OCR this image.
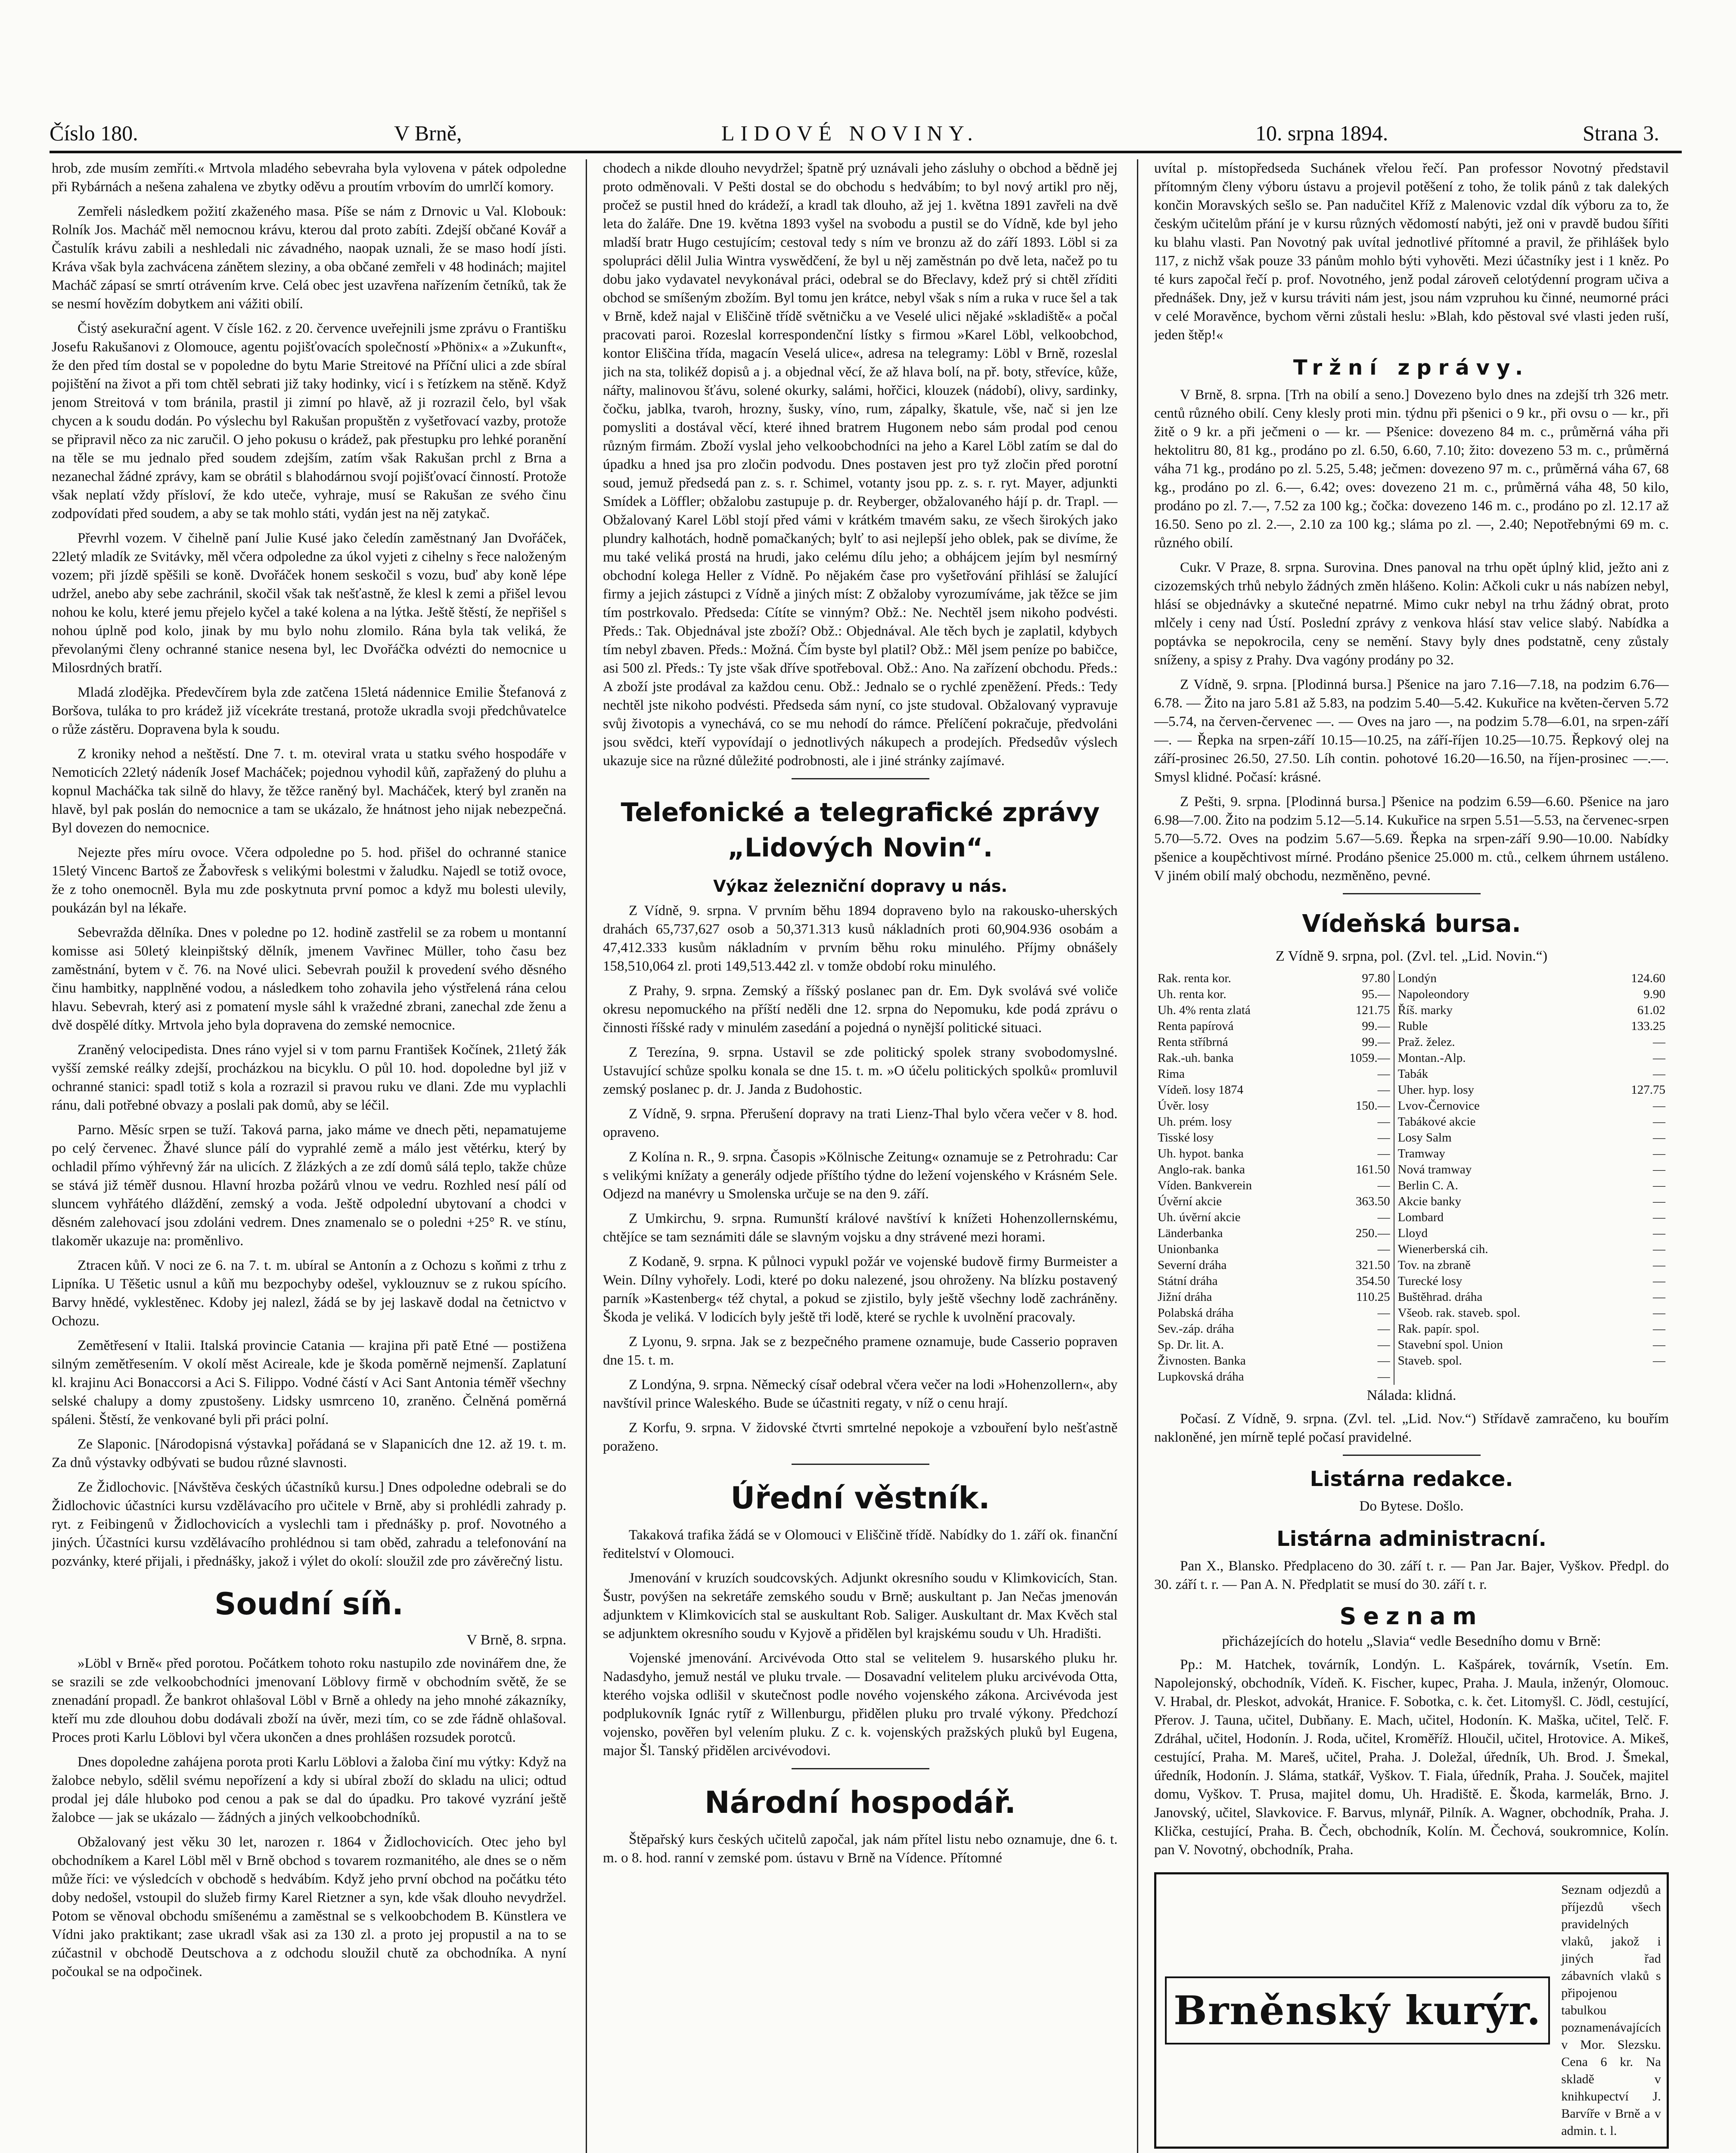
Číslo 180.	V Brně,	LIDOVÉ NOVINY.	10. srpna 1894.	Strana 3.

hrob, zde musím zemříti.« Mrtvola mladého sebevraha byla vylovena v pátek odpoledne při Rybárnách a nešena zahalena ve zbytky oděvu a proutím vrbovím do umrlčí komory.

Zemřeli následkem požití zkaženého masa. Píše se nám z Drnovic u Val. Klobouk: Rolník Jos. Macháč měl nemocnou krávu, kterou dal proto zabíti. Zdejší občané Kovář a Častulík krávu zabili a neshledali nic závadného, naopak uznali, že se maso hodí jísti. Kráva však byla zachvácena zánětem sleziny, a oba občané zemřeli v 48 hodinách; majitel Macháč zápasí se smrtí otrávením krve. Celá obec jest uzavřena nařízením četníků, tak že se nesmí hovězím dobytkem ani vážiti obilí.

Čistý asekurační agent. V čísle 162. z 20. července uveřejnili jsme zprávu o Františku Josefu Rakušanovi z Olomouce, agentu pojišťovacích společností »Phönix« a »Zukunft«, že den před tím dostal se v popoledne do bytu Marie Streitové na Příční ulici a zde sbíral pojištění na život a při tom chtěl sebrati již taky hodinky, vicí i s řetízkem na stěně. Když jenom Streitová v tom bránila, prastil ji zimní po hlavě, až ji rozrazil čelo, byl však chycen a k soudu dodán. Po výslechu byl Rakušan propuštěn z vyšetřovací vazby, protože se připravil něco za nic zaručil. O jeho pokusu o krádež, pak přestupku pro lehké poranění na těle se mu jednalo před soudem zdejším, zatím však Rakušan prchl z Brna a nezanechal žádné zprávy, kam se obrátil s blahodárnou svojí pojišťovací činností. Protože však neplatí vždy přísloví, že kdo uteče, vyhraje, musí se Rakušan ze svého činu zodpovídati před soudem, a aby se tak mohlo státi, vydán jest na něj zatykač.

Převrhl vozem. V čihelně paní Julie Kusé jako čeledín zaměstnaný Jan Dvořáček, 22letý mladík ze Svitávky, měl včera odpoledne za úkol vyjeti z cihelny s řece naloženým vozem; při jízdě spěšili se koně. Dvořáček honem seskočil s vozu, buď aby koně lépe udržel, anebo aby sebe zachránil, skočil však tak nešťastně, že klesl k zemi a přišel levou nohou ke kolu, které jemu přejelo kyčel a také kolena a na lýtka. Ještě štěstí, že nepřišel s nohou úplně pod kolo, jinak by mu bylo nohu zlomilo. Rána byla tak veliká, že převolanými členy ochranné stanice nesena byl, lec Dvořáčka odvézti do nemocnice u Milosrdných bratří.

Mladá zlodějka. Předevčírem byla zde zatčena 15letá nádennice Emilie Štefanová z Boršova, tuláka to pro krádež již vícekráte trestaná, protože ukradla svoji předchůvatelce o růže zástěru. Dopravena byla k soudu.

Z kroniky nehod a neštěstí. Dne 7. t. m. oteviral vrata u statku svého hospodáře v Nemoticích 22letý nádeník Josef Macháček; pojednou vyhodil kůň, zapřažený do pluhu a kopnul Macháčka tak silně do hlavy, že těžce raněný byl. Macháček, který byl zraněn na hlavě, byl pak poslán do nemocnice a tam se ukázalo, že hnátnost jeho nijak nebezpečná. Byl dovezen do nemocnice.

Nejezte přes míru ovoce. Včera odpoledne po 5. hod. přišel do ochranné stanice 15letý Vincenc Bartoš ze Žabovřesk s velikými bolestmi v žaludku. Najedl se totiž ovoce, že z toho onemocněl. Byla mu zde poskytnuta první pomoc a když mu bolesti ulevily, poukázán byl na lékaře.

Sebevražda dělníka. Dnes v poledne po 12. hodině zastřelil se za robem u montanní komisse asi 50letý kleinpištský dělník, jmenem Vavřinec Müller, toho času bez zaměstnání, bytem v č. 76. na Nové ulici. Sebevrah použil k provedení svého děsného činu hambitky, napplněné vodou, a následkem toho zohavila jeho výstřelená rána celou hlavu. Sebevrah, který asi z pomatení mysle sáhl k vražedné zbrani, zanechal zde ženu a dvě dospělé dítky. Mrtvola jeho byla dopravena do zemské nemocnice.

Zraněný velocipedista. Dnes ráno vyjel si v tom parnu František Kočínek, 21letý žák vyšší zemské reálky zdejší, procházkou na bicyklu. O půl 10. hod. dopoledne byl již v ochranné stanici: spadl totiž s kola a rozrazil si pravou ruku ve dlani. Zde mu vyplachli ránu, dali potřebné obvazy a poslali pak domů, aby se léčil.

Parno. Měsíc srpen se tuží. Taková parna, jako máme ve dnech pěti, nepamatujeme po celý červenec. Žhavé slunce pálí do vyprahlé země a málo jest větérku, který by ochladil přímo výhřevný žár na ulicích. Z žlázkých a ze zdí domů sálá teplo, takže chůze se stává již téměř dusnou. Hlavní hrozba požárů vlnou ve vedru. Rozhled nesí pálí od sluncem vyhřátého dláždění, zemský a voda. Ještě odpolední ubytovaní a chodci v děsném zalehovací jsou zdoláni vedrem. Dnes znamenalo se o poledni +25° R. ve stínu, tlakoměr ukazuje na: proměnlivo.

Ztracen kůň. V noci ze 6. na 7. t. m. ubíral se Antonín a z Ochozu s koňmi z trhu z Lipníka. U Těšetic usnul a kůň mu bezpochyby odešel, vyklouznuv se z rukou spícího. Barvy hnědé, vyklestěnec. Kdoby jej nalezl, žádá se by jej laskavě dodal na četnictvo v Ochozu.

Zemětřesení v Italii. Italská provincie Catania — krajina při patě Etné — postižena silným zemětřesením. V okolí měst Acireale, kde je škoda poměrně nejmenší. Zaplatuní kl. krajinu Aci Bonaccorsi a Aci S. Filippo. Vodné částí v Aci Sant Antonia téměř všechny selské chalupy a domy zpustošeny. Lidsky usmrceno 10, zraněno. Čelněná poměrná spáleni. Štěstí, že venkované byli při práci polní.

Ze Slaponic. [Národopisná výstavka] pořádaná se v Slapanicích dne 12. až 19. t. m. Za dnů výstavky odbývati se budou různé slavnosti.

Ze Židlochovic. [Návštěva českých účastníků kursu.] Dnes odpoledne odebrali se do Židlochovic účastníci kursu vzdělávacího pro učitele v Brně, aby si prohlédli zahrady p. ryt. z Feibingenů v Židlochovicích a vyslechli tam i přednášky p. prof. Novotného a jiných. Účastníci kursu vzdělávacího prohlédnou si tam oběd, zahradu a telefonování na pozvánky, které přijali, i přednášky, jakož i výlet do okolí: sloužil zde pro závěrečný listu.

Soudní síň.
V Brně, 8. srpna.

»Löbl v Brně« před porotou. Počátkem tohoto roku nastupilo zde novinářem dne, že se srazili se zde velkoobchodníci jmenovaní Löblovy firmě v obchodním světě, že se znenadání propadl. Že bankrot ohlašoval Löbl v Brně a ohledy na jeho mnohé zákazníky, kteří mu zde dlouhou dobu dodávali zboží na úvěr, mezi tím, co se zde řádně ohlašoval. Proces proti Karlu Löblovi byl včera ukončen a dnes prohlášen rozsudek porotců.

Dnes dopoledne zahájena porota proti Karlu Löblovi a žaloba činí mu výtky: Když na žalobce nebylo, sdělil svému nepořízení a kdy si ubíral zboží do skladu na ulici; odtud prodal jej dále hluboko pod cenou a pak se dal do úpadku. Pro takové vyzrání ještě žalobce — jak se ukázalo — žádných a jiných velkoobchodníků.

Obžalovaný jest věku 30 let, narozen r. 1864 v Židlochovicích. Otec jeho byl obchodníkem a Karel Löbl měl v Brně obchod s tovarem rozmanitého, ale dnes se o něm může říci: ve výsledcích v obchodě s hedvábím. Když jeho první obchod na počátku této doby nedošel, vstoupil do služeb firmy Karel Rietzner a syn, kde však dlouho nevydržel. Potom se věnoval obchodu smíšenému a zaměstnal se s velkoobchodem B. Künstlera ve Vídni jako praktikant; zase ukradl však asi za 130 zl. a proto jej propustil a na to se zúčastnil v obchodě Deutschova a z odchodu sloužil chutě za obchodníka. A nyní počoukal se na odpočinek.

chodech a nikde dlouho nevydržel; špatně prý uznávali jeho zásluhy o obchod a bědně jej proto odměnovali. V Pešti dostal se do obchodu s hedvábím; to byl nový artikl pro něj, pročež se pustil hned do krádeží, a kradl tak dlouho, až jej 1. května 1891 zavřeli na dvě leta do žaláře. Dne 19. května 1893 vyšel na svobodu a pustil se do Vídně, kde byl jeho mladší bratr Hugo cestujícím; cestoval tedy s ním ve bronzu až do září 1893. Löbl si za spolupráci dělil Julia Wintra vyswědčení, že byl u něj zaměstnán po dvě leta, načež po tu dobu jako vydavatel nevykonával práci, odebral se do Břeclavy, kdež prý si chtěl zříditi obchod se smíšeným zbožím. Byl tomu jen krátce, nebyl však s ním a ruka v ruce šel a tak v Brně, kdež najal v Eliščině třídě světničku a ve Veselé ulici nějaké »skladiště« a počal pracovati paroi. Rozeslal korrespondenční lístky s firmou »Karel Löbl, velkoobchod, kontor Eliščina třída, magacín Veselá ulice«, adresa na telegramy: Löbl v Brně, rozeslal jich na sta, tolikéž dopisů a j. a objednal věcí, že až hlava bolí, na př. boty, střevíce, kůže, nářty, malinovou šťávu, solené okurky, salámi, hořčici, klouzek (nádobí), olivy, sardinky, čočku, jablka, tvaroh, hrozny, šusky, víno, rum, zápalky, škatule, vše, nač si jen lze pomysliti a dostával věcí, které ihned bratrem Hugonem nebo sám prodal pod cenou různým firmám. Zboží vyslal jeho velkoobchodníci na jeho a Karel Löbl zatím se dal do úpadku a hned jsa pro zločin podvodu. Dnes postaven jest pro tyž zločin před porotní soud, jemuž předsedá pan z. s. r. Schimel, votanty jsou pp. z. s. r. ryt. Mayer, adjunkti Smídek a Löffler; obžalobu zastupuje p. dr. Reyberger, obžalovaného hájí p. dr. Trapl. — Obžalovaný Karel Löbl stojí před vámi v krátkém tmavém saku, ze všech širokých jako plundry kalhotách, hodně pomačkaných; bylť to asi nejlepší jeho oblek, pak se divíme, že mu také veliká prostá na hrudi, jako celému dílu jeho; a obhájcem jejím byl nesmírný obchodní kolega Heller z Vídně. Po nějakém čase pro vyšetřování přihlásí se žalující firmy a jejich zástupci z Vídně a jiných míst: Z obžaloby vyrozumíváme, jak těžce se jim tím postrkovalo. Předseda: Cítíte se vinným? Obž.: Ne. Nechtěl jsem nikoho podvésti. Předs.: Tak. Objednával jste zboží? Obž.: Objednával. Ale těch bych je zaplatil, kdybych tím nebyl zbaven. Předs.: Možná. Čím byste byl platil? Obž.: Měl jsem peníze po babičce, asi 500 zl. Předs.: Ty jste však dříve spotřeboval. Obž.: Ano. Na zařízení obchodu. Předs.: A zboží jste prodával za každou cenu. Obž.: Jednalo se o rychlé zpeněžení. Předs.: Tedy nechtěl jste nikoho podvésti. Předseda sám nyní, co jste studoval. Obžalovaný vypravuje svůj životopis a vynechává, co se mu nehodí do rámce. Přelíčení pokračuje, předvoláni jsou svědci, kteří vypovídají o jednotlivých nákupech a prodejích. Předsedův výslech ukazuje sice na různé důležité podrobnosti, ale i jiné stránky zajímavé.

Telefonické a telegrafické zprávy
„Lidových Novin“.
Výkaz železniční dopravy u nás.

Z Vídně, 9. srpna. V prvním běhu 1894 dopraveno bylo na rakousko-uherských drahách 65,737,627 osob a 50,371.313 kusů nákladních proti 60,904.936 osobám a 47,412.333 kusům nákladním v prvním běhu roku minulého. Příjmy obnášely 158,510,064 zl. proti 149,513.442 zl. v tomže období roku minulého.

Z Prahy, 9. srpna. Zemský a říšský poslanec pan dr. Em. Dyk svolává své voliče okresu nepomuckého na příští neděli dne 12. srpna do Nepomuku, kde podá zprávu o činnosti říšské rady v minulém zasedání a pojedná o nynější politické situaci.

Z Terezína, 9. srpna. Ustavil se zde politický spolek strany svobodomyslné. Ustavující schůze spolku konala se dne 15. t. m. »O účelu politických spolků« promluvil zemský poslanec p. dr. J. Janda z Budohostic.

Z Vídně, 9. srpna. Přerušení dopravy na trati Lienz-Thal bylo včera večer v 8. hod. opraveno.

Z Kolína n. R., 9. srpna. Časopis »Kölnische Zeitung« oznamuje se z Petrohradu: Car s velikými knížaty a generály odjede příštího týdne do ležení vojenského v Krásném Sele. Odjezd na manévry u Smolenska určuje se na den 9. září.

Z Umkirchu, 9. srpna. Rumunští králové navštíví k knížeti Hohenzollernskému, chtějíce se tam seznámiti dále se slavným vojsku a dny strávené mezi horami.

Z Kodaně, 9. srpna. K půlnoci vypukl požár ve vojenské budově firmy Burmeister a Wein. Dílny vyhořely. Lodi, které po doku nalezené, jsou ohroženy. Na blízku postavený parník »Kastenberg« též chytal, a pokud se zjistilo, byly ještě všechny lodě zachráněny. Škoda je veliká. V lodicích byly ještě tři lodě, které se rychle k uvolnění pracovaly.

Z Lyonu, 9. srpna. Jak se z bezpečného pramene oznamuje, bude Casserio popraven dne 15. t. m.

Z Londýna, 9. srpna. Německý císař odebral včera večer na lodi »Hohenzollern«, aby navštívil prince Waleského. Bude se účastniti regaty, v níž o cenu hrají.

Z Korfu, 9. srpna. V židovské čtvrti smrtelné nepokoje a vzbouření bylo nešťastně poraženo.

Úřední věstník.

Takaková trafika žádá se v Olomouci v Eliščině třídě. Nabídky do 1. září ok. finanční ředitelství v Olomouci.

Jmenování v kruzích soudcovských. Adjunkt okresního soudu v Klimkovicích, Stan. Šustr, povýšen na sekretáře zemského soudu v Brně; auskultant p. Jan Nečas jmenován adjunktem v Klimkovicích stal se auskultant Rob. Saliger. Auskultant dr. Max Kvěch stal se adjunktem okresního soudu v Kyjově a přidělen byl krajskému soudu v Uh. Hradišti.

Vojenské jmenování. Arcivévoda Otto stal se velitelem 9. husarského pluku hr. Nadasdyho, jemuž nestál ve pluku trvale. — Dosavadní velitelem pluku arcivévoda Otta, kterého vojska odlišil v skutečnost podle nového vojenského zákona. Arcivévoda jest podplukovník Ignác rytíř z Willenburgu, přidělen pluku pro trvalé výkony. Předchozí vojensko, pověřen byl velením pluku. Z c. k. vojenských pražských pluků byl Eugena, major Šl. Tanský přidělen arcivévodovi.

Národní hospodář.

Štěpařský kurs českých učitelů započal, jak nám přítel listu nebo oznamuje, dne 6. t. m. o 8. hod. ranní v zemské pom. ústavu v Brně na Vídence. Přítomné

uvítal p. místopředseda Suchánek vřelou řečí. Pan professor Novotný představil přítomným členy výboru ústavu a projevil potěšení z toho, že tolik pánů z tak dalekých končin Moravských sešlo se. Pan nadučitel Kříž z Malenovic vzdal dík výboru za to, že českým učitelům přání je v kursu různých vědomostí nabýti, jež oni v pravdě budou šířiti ku blahu vlasti. Pan Novotný pak uvítal jednotlivé přítomné a pravil, že přihlášek bylo 117, z nichž však pouze 33 pánům mohlo býti vyhověti. Mezi účastníky jest i 1 kněz. Po té kurs započal řečí p. prof. Novotného, jenž podal zároveň celotýdenní program učiva a přednášek. Dny, jež v kursu tráviti nám jest, jsou nám vzpruhou ku činné, neumorné práci v celé Moravěnce, bychom věrni zůstali heslu: »Blah, kdo pěstoval své vlasti jeden ruší, jeden štěp!«

Tržní zprávy.

V Brně, 8. srpna. [Trh na obilí a seno.] Dovezeno bylo dnes na zdejší trh 326 metr. centů různého obilí. Ceny klesly proti min. týdnu při pšenici o 9 kr., při ovsu o — kr., při žitě o 9 kr. a při ječmeni o — kr. — Pšenice: dovezeno 84 m. c., průměrná váha při hektolitru 80, 81 kg., prodáno po zl. 6.50, 6.60, 7.10; žito: dovezeno 53 m. c., průměrná váha 71 kg., prodáno po zl. 5.25, 5.48; ječmen: dovezeno 97 m. c., průměrná váha 67, 68 kg., prodáno po zl. 6.—, 6.42; oves: dovezeno 21 m. c., průměrná váha 48, 50 kilo, prodáno po zl. 7.—, 7.52 za 100 kg.; čočka: dovezeno 146 m. c., prodáno po zl. 12.17 až 16.50. Seno po zl. 2.—, 2.10 za 100 kg.; sláma po zl. —, 2.40; Nepotřebnými 69 m. c. různého obilí.

Cukr. V Praze, 8. srpna. Surovina. Dnes panoval na trhu opět úplný klid, ježto ani z cizozemských trhů nebylo žádných změn hlášeno. Kolin: Ačkoli cukr u nás nabízen nebyl, hlásí se objednávky a skutečné nepatrné. Mimo cukr nebyl na trhu žádný obrat, proto mlčely i ceny nad Ústí. Poslední zprávy z venkova hlásí stav velice slabý. Nabídka a poptávka se nepokrocila, ceny se nemění. Stavy byly dnes podstatně, ceny zůstaly sníženy, a spisy z Prahy. Dva vagóny prodány po 32.

Z Vídně, 9. srpna. [Plodinná bursa.] Pšenice na jaro 7.16—7.18, na podzim 6.76—6.78. — Žito na jaro 5.81 až 5.83, na podzim 5.40—5.42. Kukuřice na květen-červen 5.72—5.74, na červen-červenec —. — Oves na jaro —, na podzim 5.78—6.01, na srpen-září —. — Řepka na srpen-září 10.15—10.25, na září-říjen 10.25—10.75. Řepkový olej na září-prosinec 26.50, 27.50. Líh contin. pohotové 16.20—16.50, na říjen-prosinec —.—. Smysl klidné. Počasí: krásné.

Z Pešti, 9. srpna. [Plodinná bursa.] Pšenice na podzim 6.59—6.60. Pšenice na jaro 6.98—7.00. Žito na podzim 5.12—5.14. Kukuřice na srpen 5.51—5.53, na červenec-srpen 5.70—5.72. Oves na podzim 5.67—5.69. Řepka na srpen-září 9.90—10.00. Nabídky pšenice a koupěchtivost mírné. Prodáno pšenice 25.000 m. ctů., celkem úhrnem ustáleno. V jiném obilí malý obchodu, nezměněno, pevné.

Vídeňská bursa.
Z Vídně 9. srpna, pol. (Zvl. tel. „Lid. Novin.“)
Rak. renta kor.	97.80	Londýn	124.60
Uh. renta kor.	95.—	Napoleondory	9.90
Uh. 4% renta zlatá	121.75	Říš. marky	61.02
Renta papírová	99.—	Ruble	133.25
Renta stříbrná	99.—	Praž. želez.	—
Rak.-uh. banka	1059.—	Montan.-Alp.	—
Rima	—	Tabák	—
Vídeň. losy 1874	—	Uher. hyp. losy	127.75
Úvěr. losy	150.—	Lvov-Černovice	—
Uh. prém. losy	—	Tabákové akcie	—
Tisské losy	—	Losy Salm	—
Uh. hypot. banka	—	Tramway	—
Anglo-rak. banka	161.50	Nová tramway	—
Víden. Bankverein	—	Berlin C. A.	—
Úvěrní akcie	363.50	Akcie banky	—
Uh. úvěrní akcie	—	Lombard	—
Länderbanka	250.—	Lloyd	—
Unionbanka	—	Wienerberská cih.	—
Severní dráha	321.50	Tov. na zbraně	—
Státní dráha	354.50	Turecké losy	—
Jižní dráha	110.25	Buštěhrad. dráha	—
Polabská dráha	—	Všeob. rak. staveb. spol.	—
Sev.-záp. dráha	—	Rak. papír. spol.	—
Sp. Dr. lit. A.	—	Stavební spol. Union	—
Živnosten. Banka	—	Staveb. spol.	—
Lupkovská dráha	—		
Nálada: klidná.

Počasí. Z Vídně, 9. srpna. (Zvl. tel. „Lid. Nov.“) Střídavě zamračeno, ku bouřím nakloněné, jen mírně teplé počasí pravidelné.

Listárna redakce.

Do Bytese. Došlo.

Listárna administracní.

Pan X., Blansko. Předplaceno do 30. září t. r. — Pan Jar. Bajer, Vyškov. Předpl. do 30. září t. r. — Pan A. N. Předplatit se musí do 30. září t. r.

Seznam
přicházejících do hotelu „Slavia“ vedle Besedního domu v Brně:

Pp.: M. Hatchek, továrník, Londýn. L. Kašpárek, továrník, Vsetín. Em. Napolejonský, obchodník, Vídeň. K. Fischer, kupec, Praha. J. Maula, inženýr, Olomouc. V. Hrabal, dr. Pleskot, advokát, Hranice. F. Sobotka, c. k. čet. Litomyšl. C. Jödl, cestující, Přerov. J. Tauna, učitel, Dubňany. E. Mach, učitel, Hodonín. K. Maška, učitel, Telč. F. Zdráhal, učitel, Hodonín. J. Roda, učitel, Kroměříž. Hloučil, učitel, Hrotovice. A. Mikeš, cestující, Praha. M. Mareš, učitel, Praha. J. Doležal, úředník, Uh. Brod. J. Šmekal, úředník, Hodonín. J. Sláma, statkář, Vyškov. T. Fiala, úředník, Praha. J. Souček, majitel domu, Vyškov. T. Prusa, majitel domu, Uh. Hradiště. E. Škoda, karmelák, Brno. J. Janovský, učitel, Slavkovice. F. Barvus, mlynář, Pilník. A. Wagner, obchodník, Praha. J. Klička, cestující, Praha. B. Čech, obchodník, Kolín. M. Čechová, soukromnice, Kolín. pan V. Novotný, obchodník, Praha.

Brněnský kurýr.
Seznam odjezdů a příjezdů všech pravidelných vlaků, jakož i jiných řad zábavních vlaků s připojenou tabulkou poznamenávajících v Mor. Slezsku. Cena 6 kr. Na skladě v knihkupectví J. Barvíře v Brně a v admin. t. l.
